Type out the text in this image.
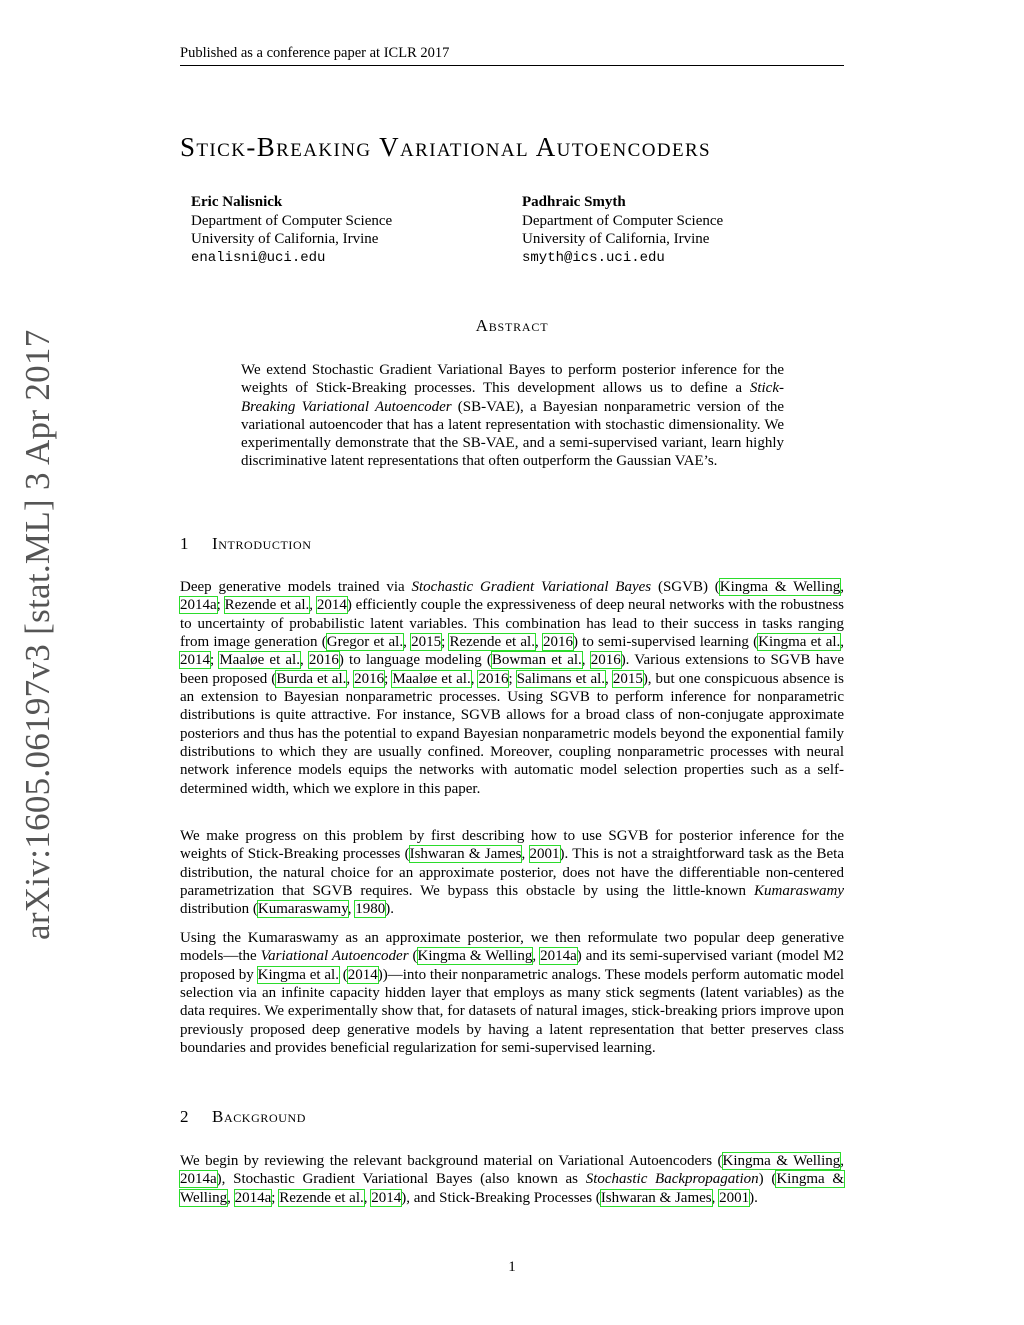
Published as a conference paper at ICLR 2017
arXiv:1605.06197v3 [stat.ML] 3 Apr 2017
Stick-Breaking Variational Autoencoders
Eric Nalisnick
Department of Computer Science
University of California, Irvine
enalisni@uci.edu
Padhraic Smyth
Department of Computer Science
University of California, Irvine
smyth@ics.uci.edu
Abstract

We extend Stochastic Gradient Variational Bayes to perform posterior inference for the weights of Stick-Breaking processes. This development allows us to define a Stick-Breaking Variational Autoencoder (SB-VAE), a Bayesian nonparametric version of the variational autoencoder that has a latent representation with stochastic dimensionality. We experimentally demonstrate that the SB-VAE, and a semi-supervised variant, learn highly discriminative latent representations that often outperform the Gaussian VAE’s.

1 Introduction

Deep generative models trained via Stochastic Gradient Variational Bayes (SGVB) (Kingma & Welling, 2014a; Rezende et al., 2014) efficiently couple the expressiveness of deep neural networks with the robustness to uncertainty of probabilistic latent variables. This combination has lead to their success in tasks ranging from image generation (Gregor et al., 2015; Rezende et al., 2016) to semi-supervised learning (Kingma et al., 2014; Maaløe et al., 2016) to language modeling (Bowman et al., 2016). Various extensions to SGVB have been proposed (Burda et al., 2016; Maaløe et al., 2016; Salimans et al., 2015), but one conspicuous absence is an extension to Bayesian nonparametric processes. Using SGVB to perform inference for nonparametric distributions is quite attractive. For instance, SGVB allows for a broad class of non-conjugate approximate posteriors and thus has the potential to expand Bayesian nonparametric models beyond the exponential family distributions to which they are usually confined. Moreover, coupling nonparametric processes with neural network inference models equips the networks with automatic model selection properties such as a self-determined width, which we explore in this paper.

We make progress on this problem by first describing how to use SGVB for posterior inference for the weights of Stick-Breaking processes (Ishwaran & James, 2001). This is not a straightforward task as the Beta distribution, the natural choice for an approximate posterior, does not have the differentiable non-centered parametrization that SGVB requires. We bypass this obstacle by using the little-known Kumaraswamy distribution (Kumaraswamy, 1980).

Using the Kumaraswamy as an approximate posterior, we then reformulate two popular deep generative models—the Variational Autoencoder (Kingma & Welling, 2014a) and its semi-supervised variant (model M2 proposed by Kingma et al. (2014))—into their nonparametric analogs. These models perform automatic model selection via an infinite capacity hidden layer that employs as many stick segments (latent variables) as the data requires. We experimentally show that, for datasets of natural images, stick-breaking priors improve upon previously proposed deep generative models by having a latent representation that better preserves class boundaries and provides beneficial regularization for semi-supervised learning.

2 Background

We begin by reviewing the relevant background material on Variational Autoencoders (Kingma & Welling, 2014a), Stochastic Gradient Variational Bayes (also known as Stochastic Backpropagation) (Kingma & Welling, 2014a; Rezende et al., 2014), and Stick-Breaking Processes (Ishwaran & James, 2001).

1
